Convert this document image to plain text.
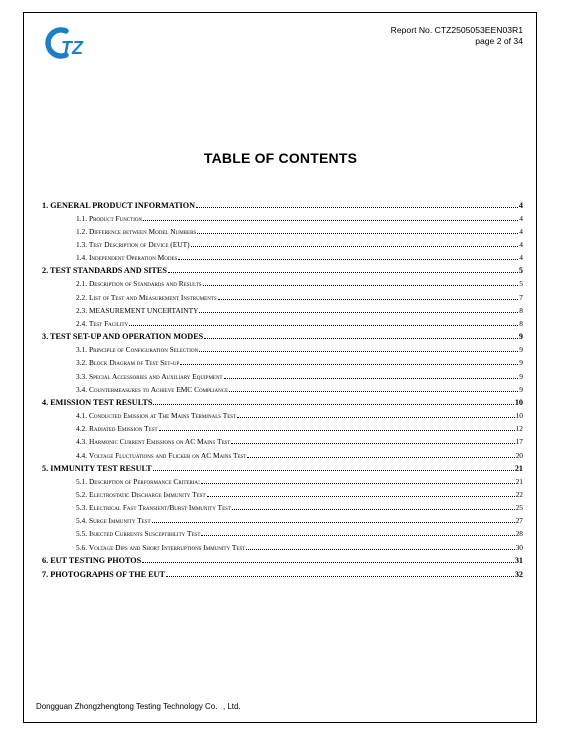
TZ
Report No. CTZ2505053EEN03R1
page 2 of 34
TABLE OF CONTENTS
1. GENERAL PRODUCT INFORMATION	4
1.1. Product Function	4
1.2. Difference between Model Numbers	4
1.3. Test Description of Device (EUT)	4
1.4. Independent Operation Modes	4
2. TEST STANDARDS AND SITES	5
2.1. Description of Standards and Results	5
2.2. List of Test and Measurement Instruments	7
2.3. MEASUREMENT UNCERTAINTY	8
2.4. Test Facility	8
3. TEST SET-UP AND OPERATION MODES	9
3.1. Principle of Configuration Selection	9
3.2. Block Diagram of Test Set-up	9
3.3. Special Accessories and Auxiliary Equipment	9
3.4. Countermeasures to Achieve EMC Compliance	9
4. EMISSION TEST RESULTS	10
4.1. Conducted Emission at The Mains Terminals Test	10
4.2. Radiated Emission Test	12
4.3. Harmonic Current Emissions on AC Mains Test	17
4.4. Voltage Fluctuations and Flicker on AC Mains Test	20
5. IMMUNITY TEST RESULT	21
5.1. Description of Performance Criteria:	21
5.2. Electrostatic Discharge Immunity Test	22
5.3. Electrical Fast Transient/Burst Immunity Test	25
5.4. Surge Immunity Test	27
5.5. Injected Currents Susceptibility Test	28
5.6. Voltage Dips and Short Interruptions Immunity Test	30
6. EUT TESTING PHOTOS	31
7. PHOTOGRAPHS OF THE EUT	32
Dongguan Zhongzhengtong Testing Technology Co．, Ltd.
